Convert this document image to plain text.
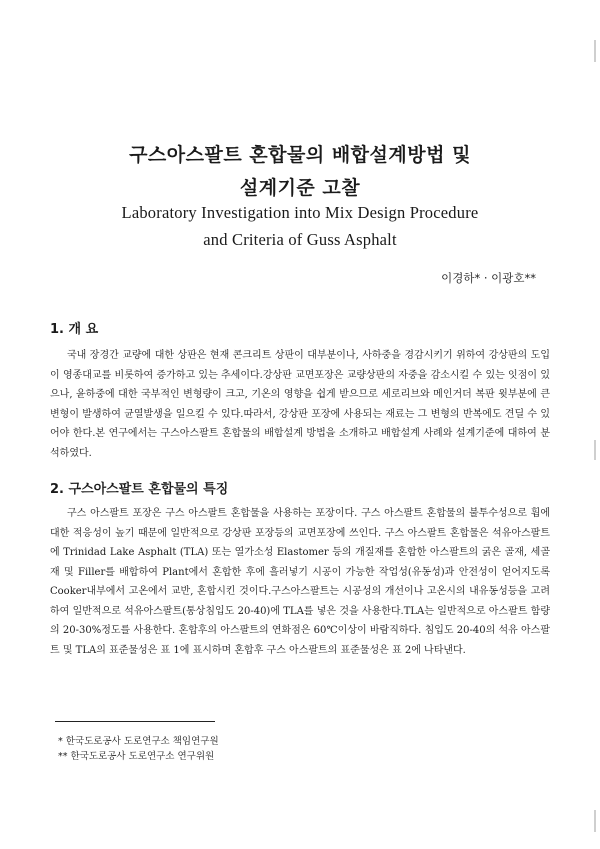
구스아스팔트 혼합물의 배합설계방법 및
설계기준 고찰
Laboratory Investigation into Mix Design Procedure
and Criteria of Guss Asphalt
이경하* · 이광호**
1. 개 요

국내 장경간 교량에 대한 상판은 현재 콘크리트 상판이 대부분이나, 사하중을 경감시키기 위하여 강상판의 도입이 영종대교를 비롯하여 증가하고 있는 추세이다.강상판 교면포장은 교량상판의 자중을 감소시킬 수 있는 잇점이 있으나, 윤하중에 대한 국부적인 변형량이 크고, 기온의 영향을 쉽게 받으므로 세로리브와 메인거더 복판 윗부분에 큰 변형이 발생하여 균열발생을 일으킬 수 있다.따라서, 강상판 포장에 사용되는 재료는 그 변형의 반복에도 견딜 수 있어야 한다.본 연구에서는 구스아스팔트 혼합물의 배합설계 방법을 소개하고 배합설계 사례와 설계기준에 대하여 분석하였다.

2. 구스아스팔트 혼합물의 특징

구스 아스팔트 포장은 구스 아스팔트 혼합물을 사용하는 포장이다. 구스 아스팔트 혼합물의 불투수성으로 휨에 대한 적응성이 높기 때문에 일반적으로 강상판 포장등의 교면포장에 쓰인다. 구스 아스팔트 혼합물은 석유아스팔트에 Trinidad Lake Asphalt (TLA) 또는 열가소성 Elastomer 등의 개질재를 혼합한 아스팔트의 굵은 골재, 세골재 및 Filler를 배합하여 Plant에서 혼합한 후에 흘러넣기 시공이 가능한 작업성(유동성)과 안전성이 얻어지도록 Cooker내부에서 고온에서 교반, 혼합시킨 것이다.구스아스팔트는 시공성의 개선이나 고온시의 내유동성등을 고려하여 일반적으로 석유아스팔트(통상침입도 20-40)에 TLA를 넣은 것을 사용한다.TLA는 일반적으로 아스팔트 함량의 20-30%정도를 사용한다. 혼합후의 아스팔트의 연화점은 60℃이상이 바람직하다. 침입도 20-40의 석유 아스팔트 및 TLA의 표준물성은 표 1에 표시하며 혼합후 구스 아스팔트의 표준물성은 표 2에 나타낸다.

* 한국도로공사 도로연구소 책임연구원
** 한국도로공사 도로연구소 연구위원
